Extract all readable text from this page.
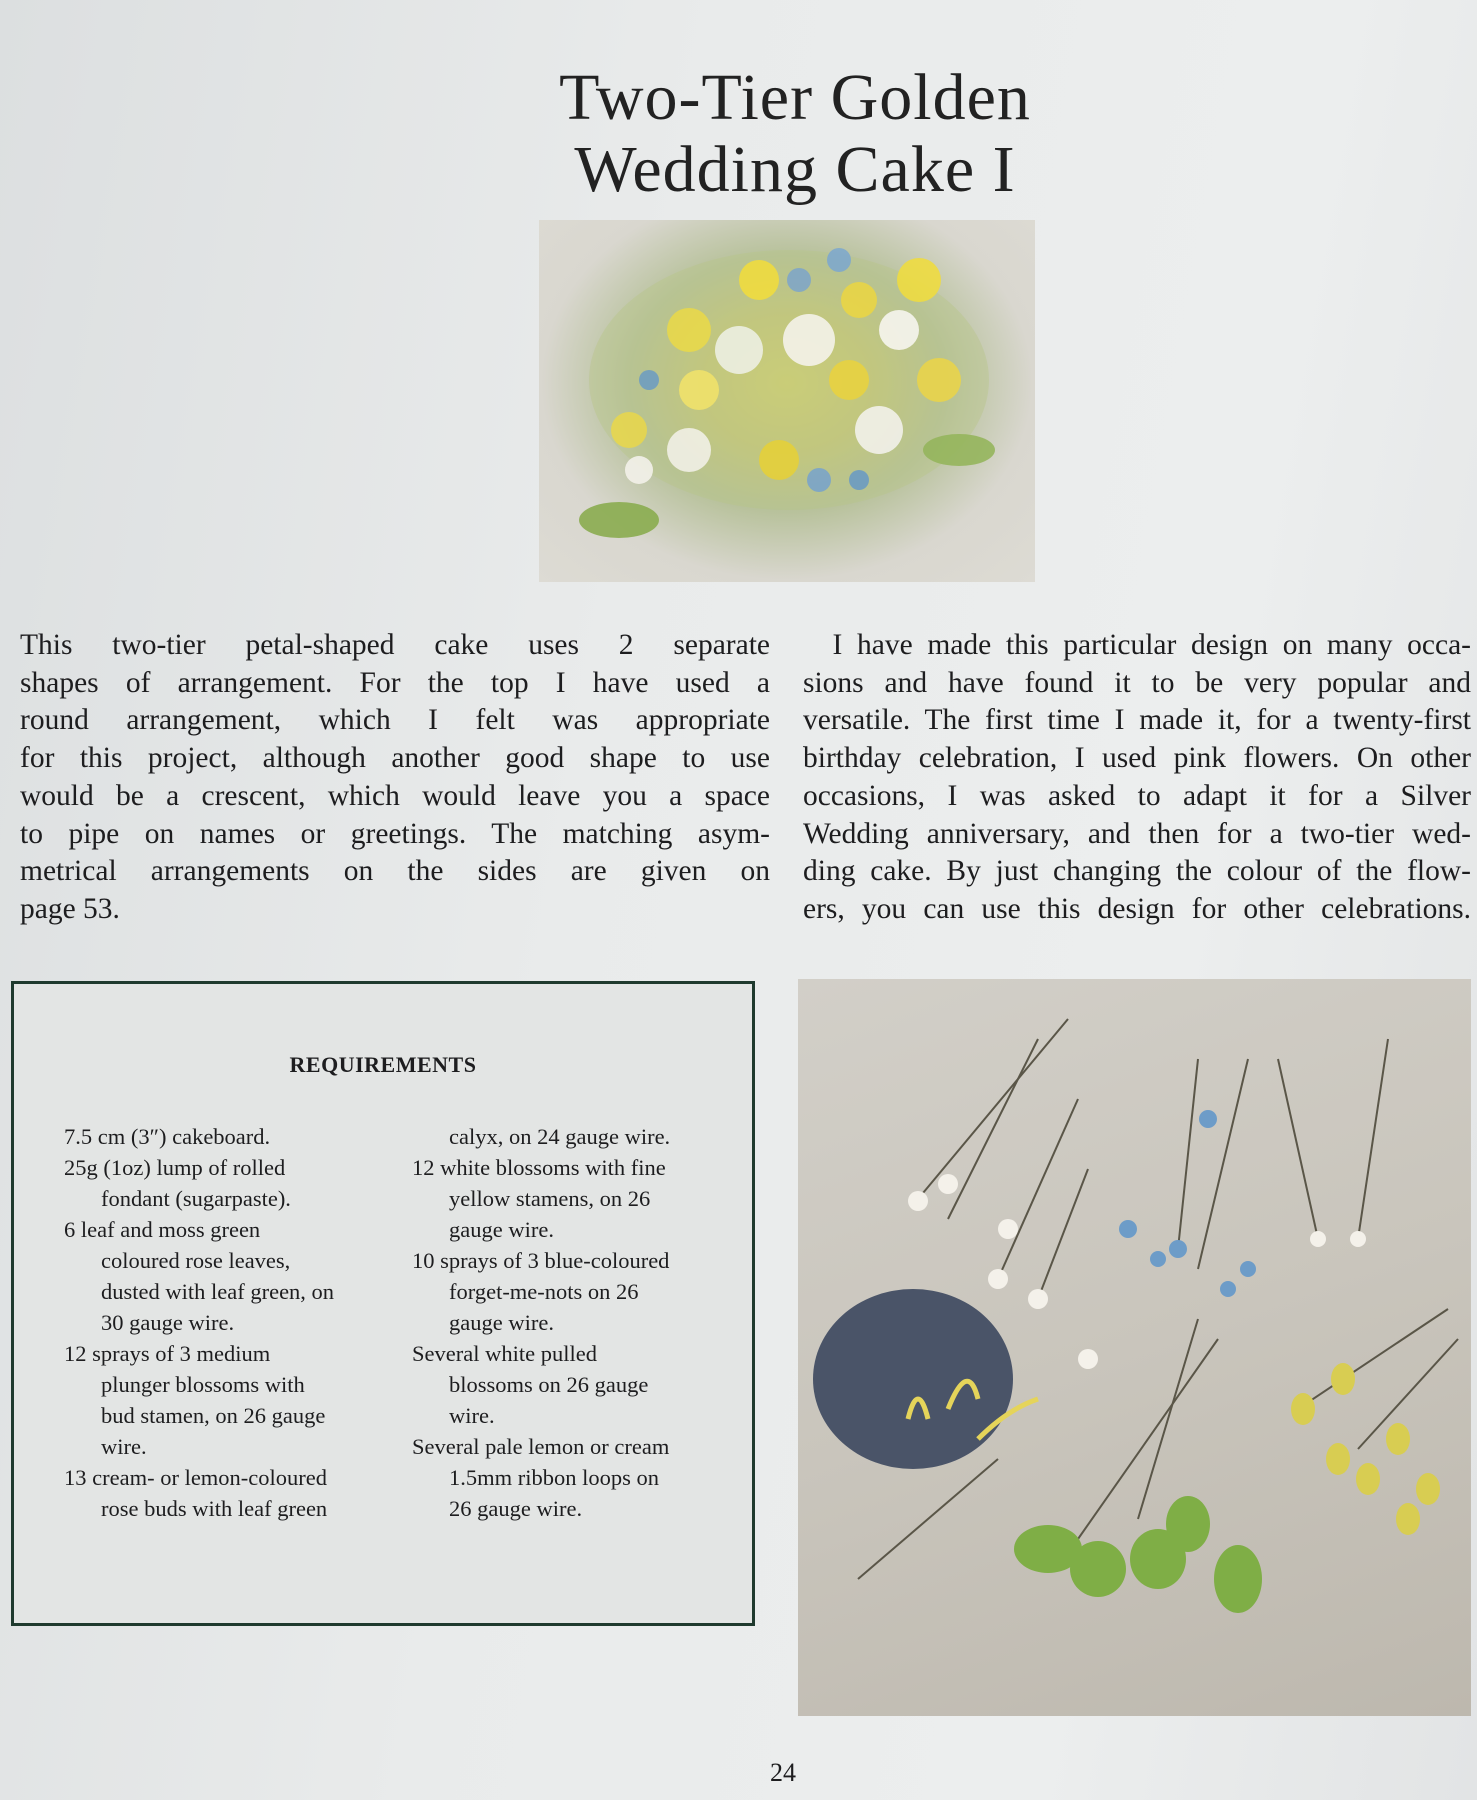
Two-Tier Golden
Wedding Cake I
This two-tier petal-shaped cake uses 2 separate
shapes of arrangement. For the top I have used a
round arrangement, which I felt was appropriate
for this project, although another good shape to use
would be a crescent, which would leave you a space
to pipe on names or greetings. The matching asym-
metrical arrangements on the sides are given on
page 53.
 I have made this particular design on many occa-
sions and have found it to be very popular and
versatile. The first time I made it, for a twenty-first
birthday celebration, I used pink flowers. On other
occasions, I was asked to adapt it for a Silver
Wedding anniversary, and then for a two-tier wed-
ding cake. By just changing the colour of the flow-
ers, you can use this design for other celebrations.
REQUIREMENTS
7.5 cm (3″) cakeboard.
25g (1oz) lump of rolled
fondant (sugarpaste).
6 leaf and moss green
coloured rose leaves,
dusted with leaf green, on
30 gauge wire.
12 sprays of 3 medium
plunger blossoms with
bud stamen, on 26 gauge
wire.
13 cream- or lemon-coloured
rose buds with leaf green
calyx, on 24 gauge wire.
12 white blossoms with fine
yellow stamens, on 26
gauge wire.
10 sprays of 3 blue-coloured
forget-me-nots on 26
gauge wire.
Several white pulled
blossoms on 26 gauge
wire.
Several pale lemon or cream
1.5mm ribbon loops on
26 gauge wire.
24
